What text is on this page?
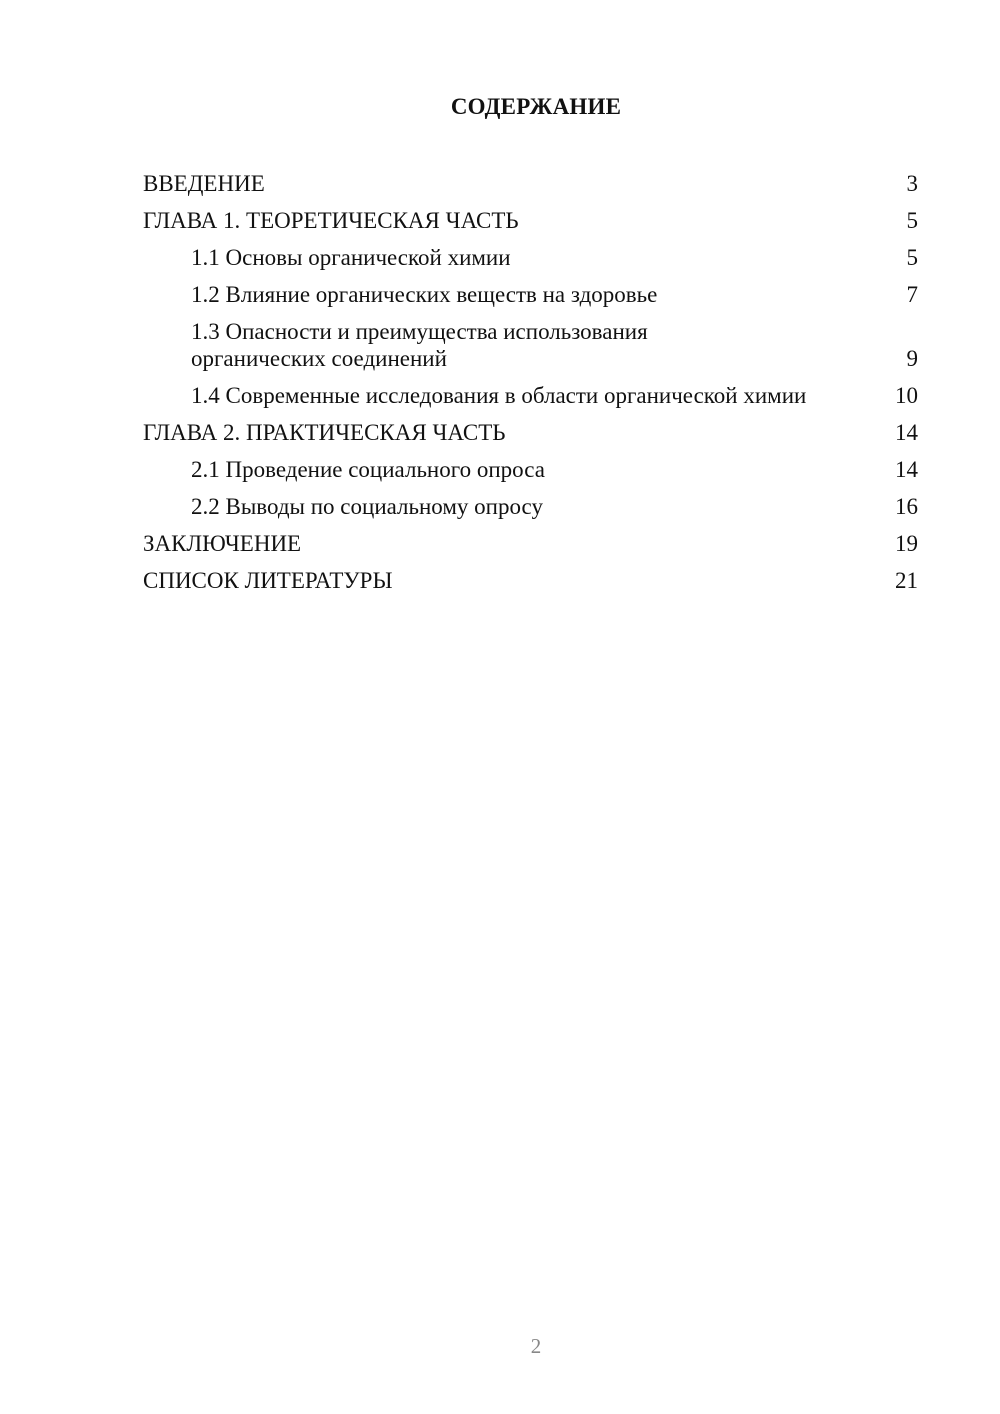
СОДЕРЖАНИЕ
ВВЕДЕНИЕ	3
ГЛАВА 1. ТЕОРЕТИЧЕСКАЯ ЧАСТЬ	5
1.1 Основы органической химии	5
1.2 Влияние органических веществ на здоровье	7
1.3 Опасности и преимущества использования органических соединений	9
1.4 Современные исследования в области органической химии	10
ГЛАВА 2. ПРАКТИЧЕСКАЯ ЧАСТЬ	14
2.1 Проведение социального опроса	14
2.2 Выводы по социальному опросу	16
ЗАКЛЮЧЕНИЕ	19
СПИСОК ЛИТЕРАТУРЫ	21
2
